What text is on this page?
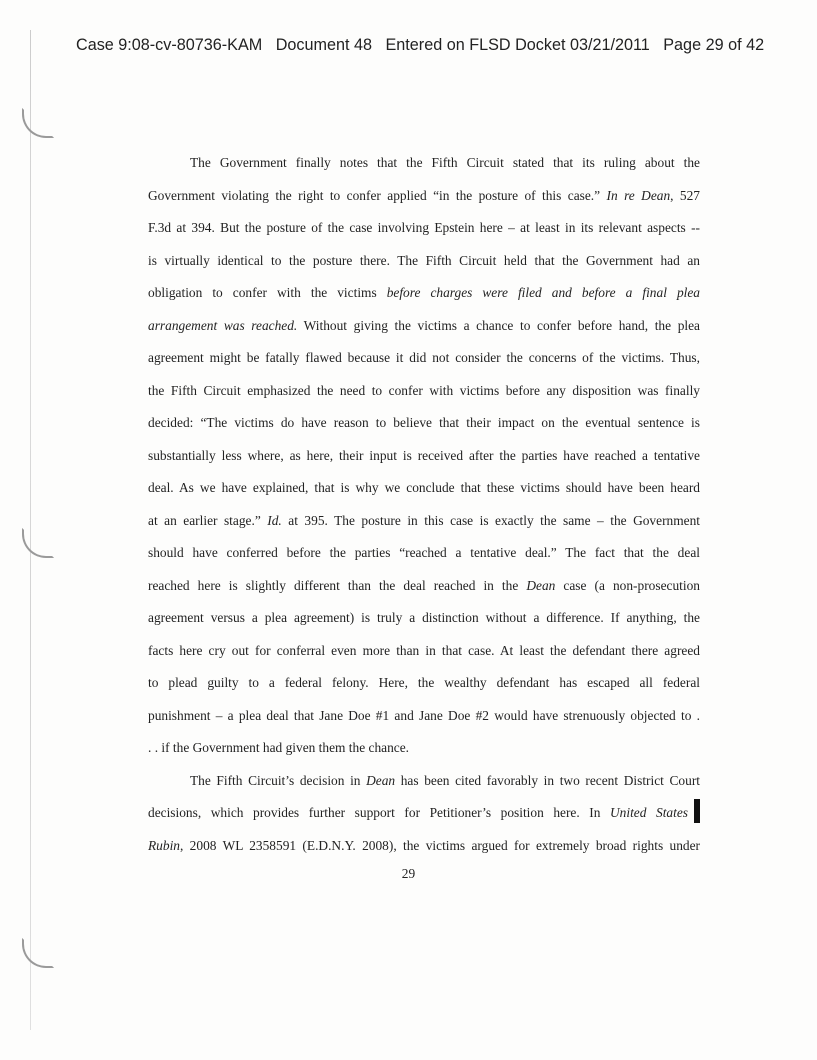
Case 9:08-cv-80736-KAM   Document 48   Entered on FLSD Docket 03/21/2011   Page 29 of 42
The Government finally notes that the Fifth Circuit stated that its ruling about the
Government violating the right to confer applied “in the posture of this case.” In re Dean, 527
F.3d at 394. But the posture of the case involving Epstein here – at least in its relevant aspects --
is virtually identical to the posture there. The Fifth Circuit held that the Government had an
obligation to confer with the victims before charges were filed and before a final plea
arrangement was reached. Without giving the victims a chance to confer before hand, the plea
agreement might be fatally flawed because it did not consider the concerns of the victims. Thus,
the Fifth Circuit emphasized the need to confer with victims before any disposition was finally
decided: “The victims do have reason to believe that their impact on the eventual sentence is
substantially less where, as here, their input is received after the parties have reached a tentative
deal. As we have explained, that is why we conclude that these victims should have been heard
at an earlier stage.” Id. at 395. The posture in this case is exactly the same – the Government
should have conferred before the parties “reached a tentative deal.” The fact that the deal
reached here is slightly different than the deal reached in the Dean case (a non-prosecution
agreement versus a plea agreement) is truly a distinction without a difference. If anything, the
facts here cry out for conferral even more than in that case. At least the defendant there agreed
to plead guilty to a federal felony. Here, the wealthy defendant has escaped all federal
punishment – a plea deal that Jane Doe #1 and Jane Doe #2 would have strenuously objected to .
. . if the Government had given them the chance.
The Fifth Circuit’s decision in Dean has been cited favorably in two recent District Court
decisions, which provides further support for Petitioner’s position here. In United States
Rubin, 2008 WL 2358591 (E.D.N.Y. 2008), the victims argued for extremely broad rights under
29
